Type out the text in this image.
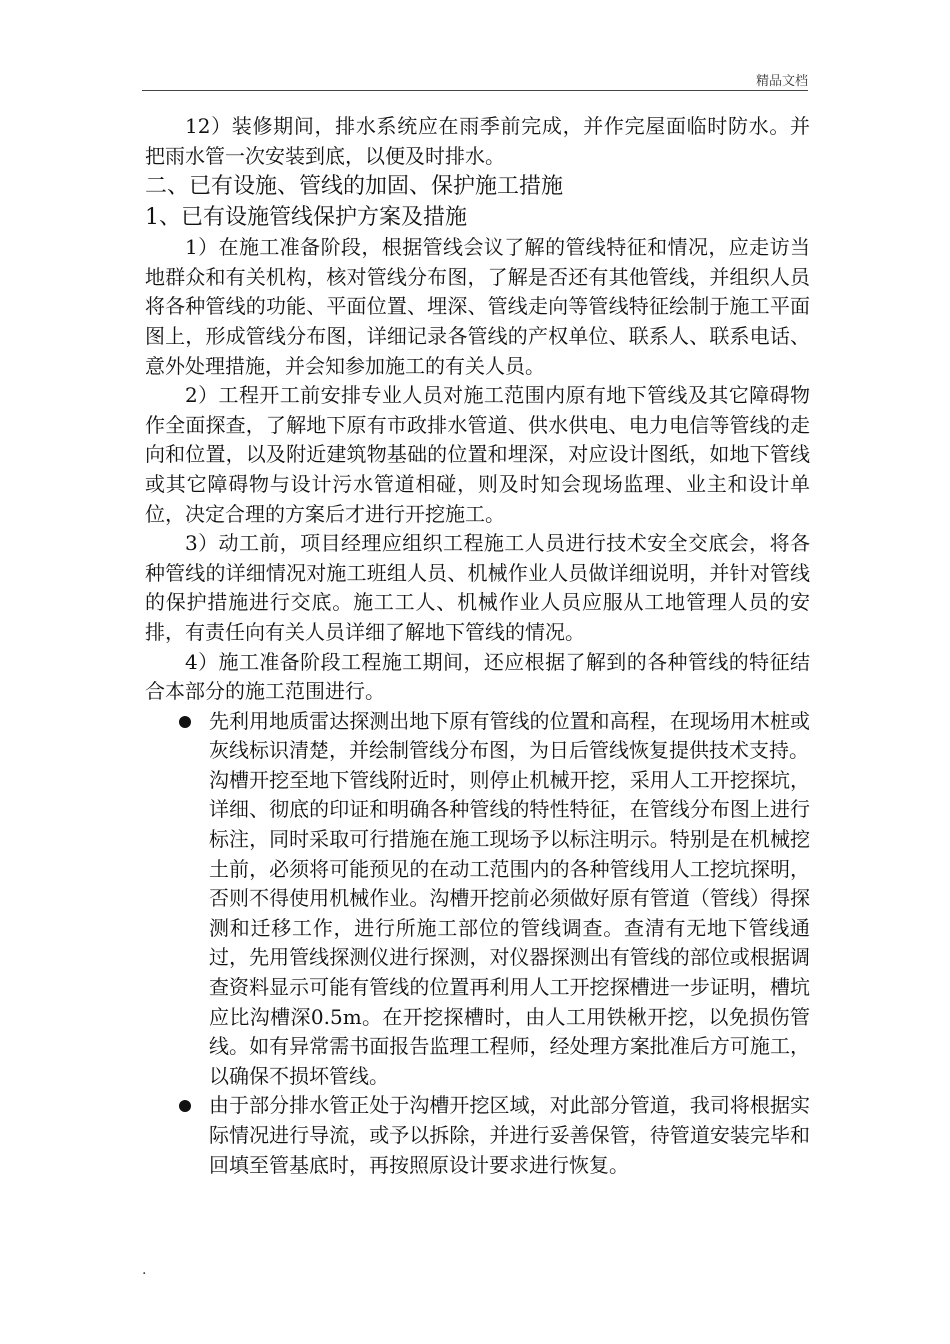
精品文档

12）装修期间，排水系统应在雨季前完成，并作完屋面临时防水。并把雨水管一次安装到底，以便及时排水。

二、已有设施、管线的加固、保护施工措施

1、已有设施管线保护方案及措施

1）在施工准备阶段，根据管线会议了解的管线特征和情况，应走访当地群众和有关机构，核对管线分布图，了解是否还有其他管线，并组织人员将各种管线的功能、平面位置、埋深、管线走向等管线特征绘制于施工平面图上，形成管线分布图，详细记录各管线的产权单位、联系人、联系电话、意外处理措施，并会知参加施工的有关人员。

2）工程开工前安排专业人员对施工范围内原有地下管线及其它障碍物作全面探查，了解地下原有市政排水管道、供水供电、电力电信等管线的走向和位置，以及附近建筑物基础的位置和埋深，对应设计图纸，如地下管线或其它障碍物与设计污水管道相碰，则及时知会现场监理、业主和设计单位，决定合理的方案后才进行开挖施工。

3）动工前，项目经理应组织工程施工人员进行技术安全交底会，将各种管线的详细情况对施工班组人员、机械作业人员做详细说明，并针对管线的保护措施进行交底。施工工人、机械作业人员应服从工地管理人员的安排，有责任向有关人员详细了解地下管线的情况。

4）施工准备阶段工程施工期间，还应根据了解到的各种管线的特征结合本部分的施工范围进行。

先利用地质雷达探测出地下原有管线的位置和高程，在现场用木桩或灰线标识清楚，并绘制管线分布图，为日后管线恢复提供技术支持。

沟槽开挖至地下管线附近时，则停止机械开挖，采用人工开挖探坑，详细、彻底的印证和明确各种管线的特性特征，在管线分布图上进行标注，同时采取可行措施在施工现场予以标注明示。特别是在机械挖土前，必须将可能预见的在动工范围内的各种管线用人工挖坑探明，否则不得使用机械作业。沟槽开挖前必须做好原有管道（管线）得探测和迁移工作，进行所施工部位的管线调查。查清有无地下管线通过，先用管线探测仪进行探测，对仪器探测出有管线的部位或根据调查资料显示可能有管线的位置再利用人工开挖探槽进一步证明，槽坑应比沟槽深0.5m。在开挖探槽时，由人工用铁楸开挖，以免损伤管线。如有异常需书面报告监理工程师，经处理方案批准后方可施工，以确保不损坏管线。

由于部分排水管正处于沟槽开挖区域，对此部分管道，我司将根据实际情况进行导流，或予以拆除，并进行妥善保管，待管道安装完毕和回填至管基底时，再按照原设计要求进行恢复。

.
